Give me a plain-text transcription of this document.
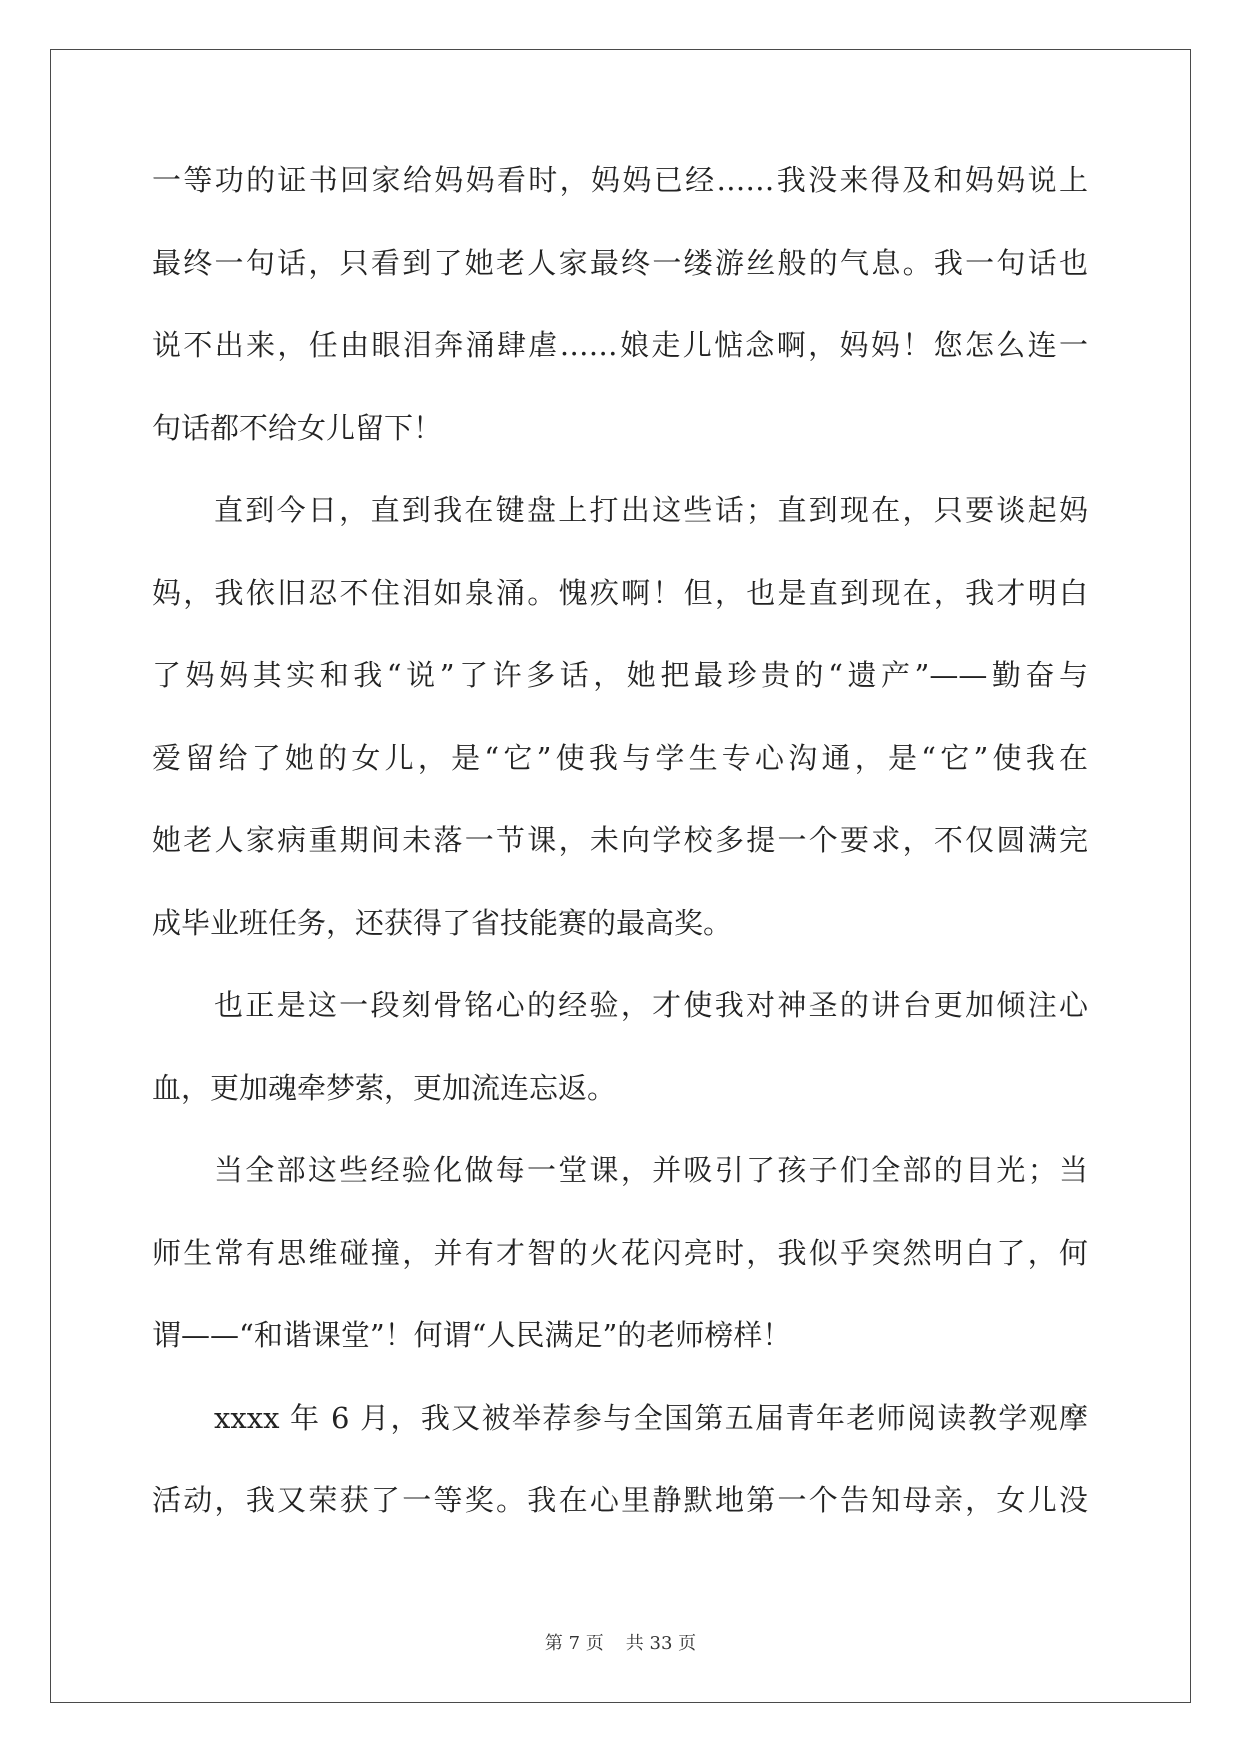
一等功的证书回家给妈妈看时，妈妈已经……我没来得及和妈妈说上
最终一句话，只看到了她老人家最终一缕游丝般的气息。我一句话也
说不出来，任由眼泪奔涌肆虐……娘走儿惦念啊，妈妈！您怎么连一
句话都不给女儿留下！
直到今日，直到我在键盘上打出这些话；直到现在，只要谈起妈
妈，我依旧忍不住泪如泉涌。愧疚啊！但，也是直到现在，我才明白
了妈妈其实和我“说”了许多话，她把最珍贵的“遗产”——勤奋与
爱留给了她的女儿，是“它”使我与学生专心沟通，是“它”使我在
她老人家病重期间未落一节课，未向学校多提一个要求，不仅圆满完
成毕业班任务，还获得了省技能赛的最高奖。
也正是这一段刻骨铭心的经验，才使我对神圣的讲台更加倾注心
血，更加魂牵梦萦，更加流连忘返。
当全部这些经验化做每一堂课，并吸引了孩子们全部的目光；当
师生常有思维碰撞，并有才智的火花闪亮时，我似乎突然明白了，何
谓——“和谐课堂”！何谓“人民满足”的老师榜样！
xxxx 年 6 月，我又被举荐参与全国第五届青年老师阅读教学观摩
活动，我又荣获了一等奖。我在心里静默地第一个告知母亲，女儿没
第 7 页 共 33 页
